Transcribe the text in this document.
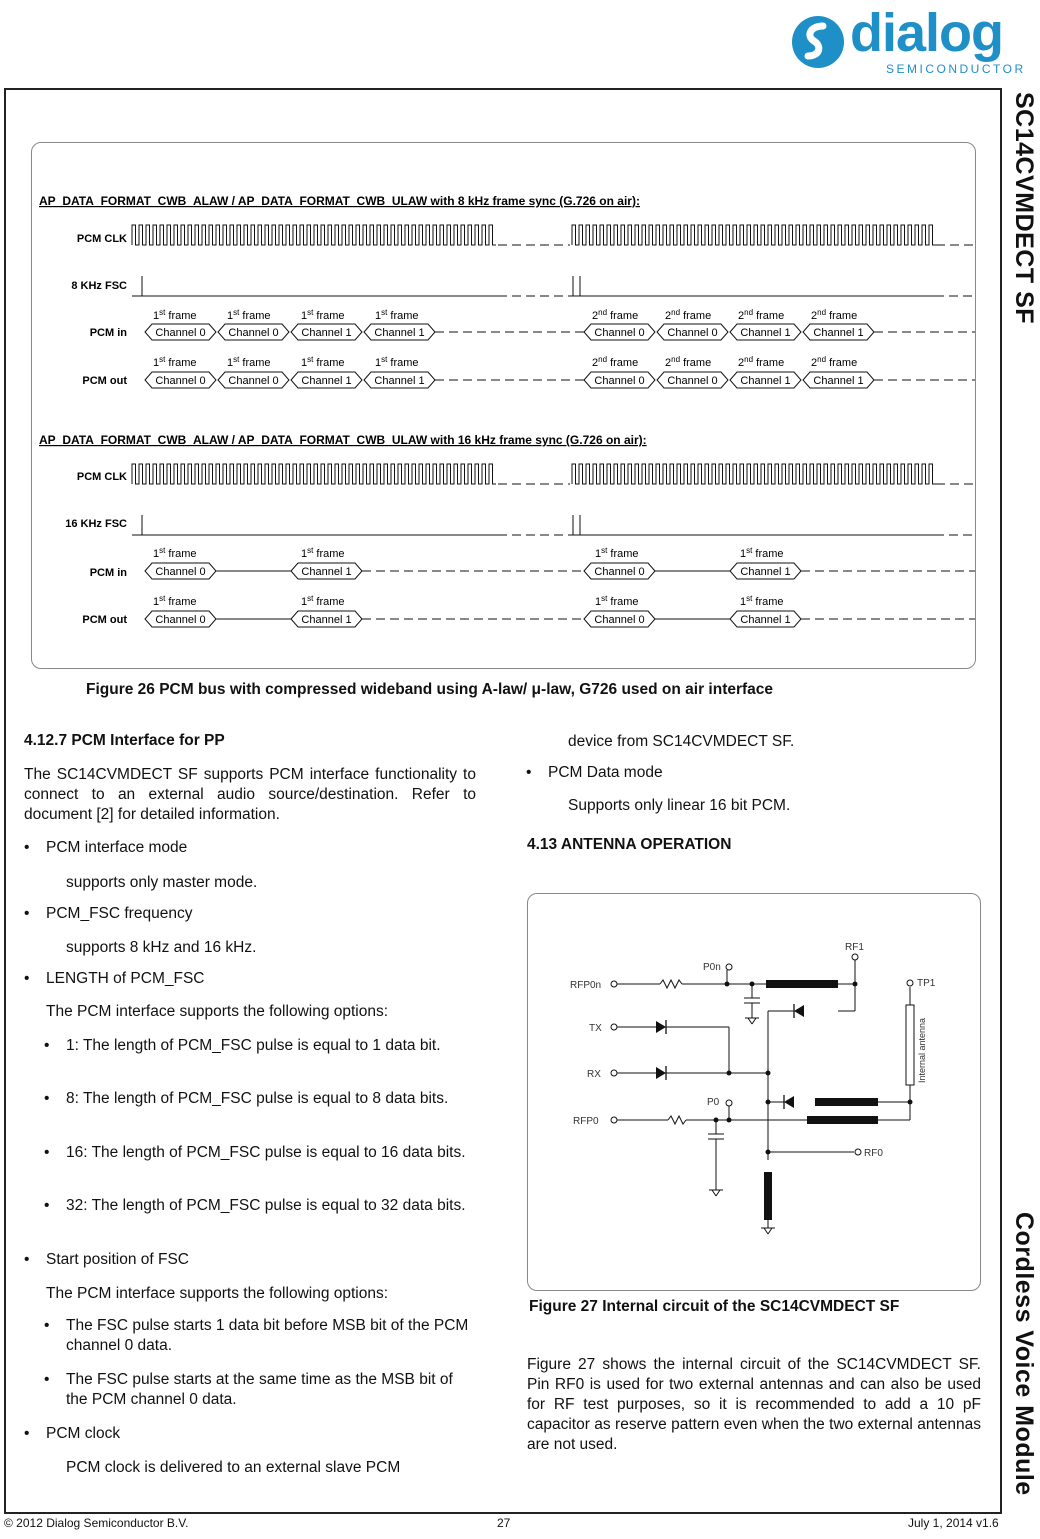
dialog
SEMICONDUCTOR
SC14CVMDECT SF
Cordless Voice Module
AP_DATA_FORMAT_CWB_ALAW / AP_DATA_FORMAT_CWB_ULAW with 8 kHz frame sync (G.726 on air):
AP_DATA_FORMAT_CWB_ALAW / AP_DATA_FORMAT_CWB_ULAW with 16 kHz frame sync (G.726 on air):
PCM CLK
8 KHz FSC
PCM in
PCM out
PCM CLK
16 KHz FSC
PCM in
PCM out
Channel 0
1st frame
Channel 0
1st frame
Channel 1
1st frame
Channel 1
1st frame
Channel 0
2nd frame
Channel 0
2nd frame
Channel 1
2nd frame
Channel 1
2nd frame
Channel 0
1st frame
Channel 0
1st frame
Channel 1
1st frame
Channel 1
1st frame
Channel 0
2nd frame
Channel 0
2nd frame
Channel 1
2nd frame
Channel 1
2nd frame
Channel 0
1st frame
Channel 1
1st frame
Channel 0
1st frame
Channel 1
1st frame
Channel 0
1st frame
Channel 1
1st frame
Channel 0
1st frame
Channel 1
1st frame
Figure 26 PCM bus with compressed wideband using A-law/ μ-law, G726 used on air interface
4.12.7 PCM Interface for PP
The SC14CVMDECT SF supports PCM interface functionality to connect to an external audio source/destination. Refer to document [2] for detailed information.
• PCM interface mode
supports only master mode.
• PCM_FSC frequency
supports 8 kHz and 16 kHz.
• LENGTH of PCM_FSC
The PCM interface supports the following options:
• 1: The length of PCM_FSC pulse is equal to 1 data bit.
• 8: The length of PCM_FSC pulse is equal to 8 data bits.
• 16: The length of PCM_FSC pulse is equal to 16 data bits.
• 32: The length of PCM_FSC pulse is equal to 32 data bits.
• Start position of FSC
The PCM interface supports the following options:
• The FSC pulse starts 1 data bit before MSB bit of the PCM channel 0 data.
• The FSC pulse starts at the same time as the MSB bit of the PCM channel 0 data.
• PCM clock
PCM clock is delivered to an external slave PCM
device from SC14CVMDECT SF.
• PCM Data mode
Supports only linear 16 bit PCM.
4.13 ANTENNA OPERATION
RF1
P0n
RFP0n	TP1
TX
RX
P0
RFP0
RF0
Internal antenna
Figure 27 Internal circuit of the SC14CVMDECT SF
Figure 27 shows the internal circuit of the SC14CVMDECT SF. Pin RF0 is used for two external antennas and can also be used for RF test purposes, so it is recommended to add a 10 pF capacitor as reserve pattern even when the two external antennas are not used.
© 2012 Dialog Semiconductor B.V.	27	July 1, 2014 v1.6
